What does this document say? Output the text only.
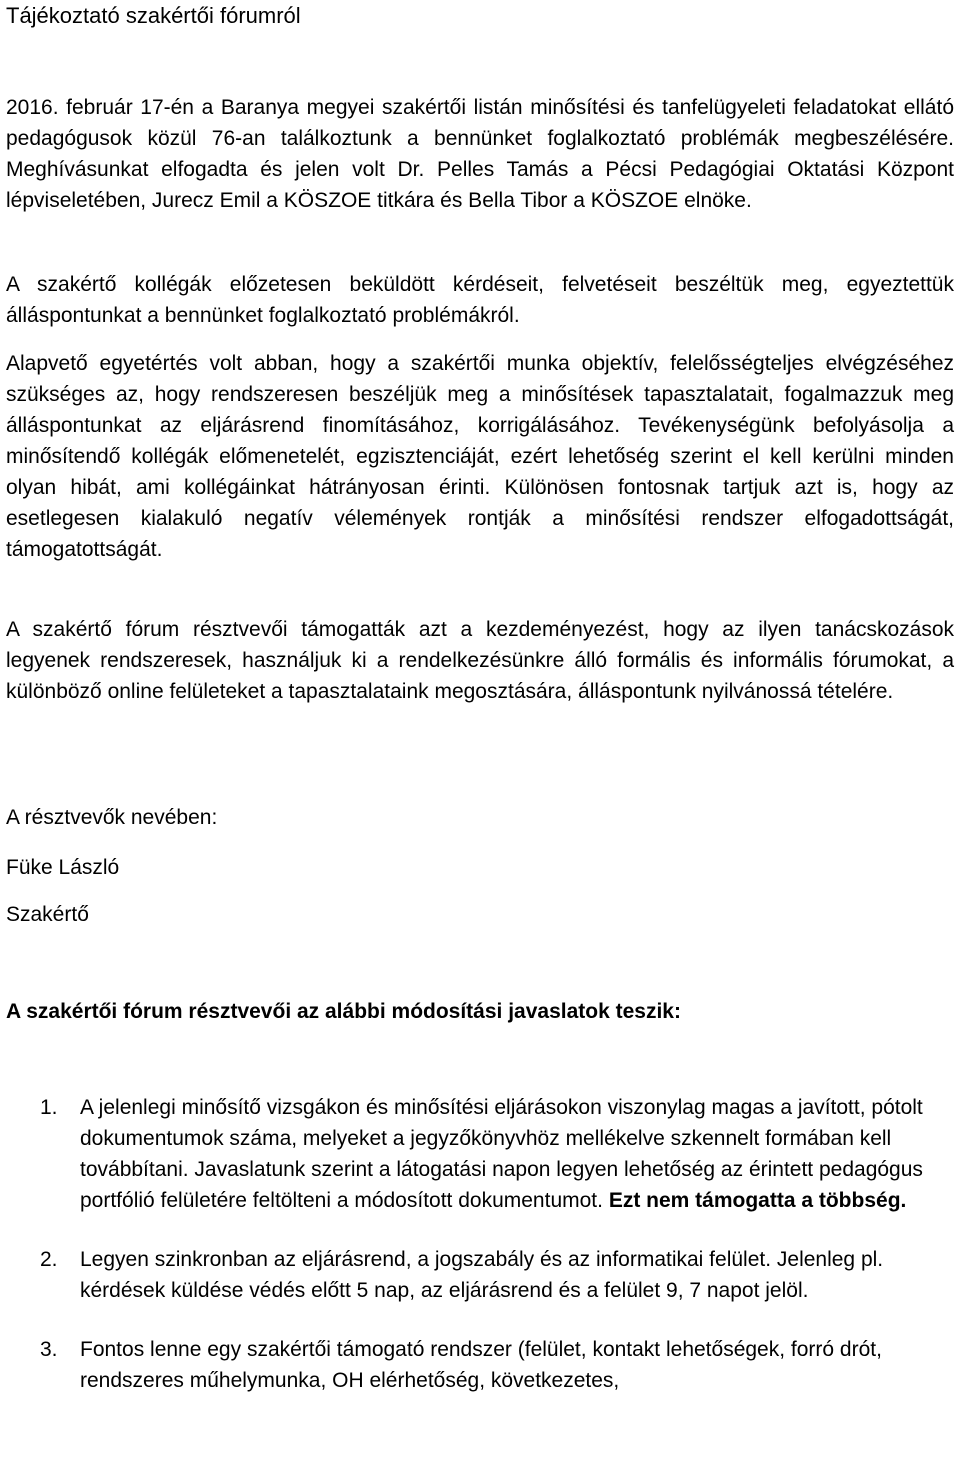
Tájékoztató szakértői fórumról

2016. február 17-én a Baranya megyei szakértői listán minősítési és tanfelügyeleti feladatokat ellátó pedagógusok közül 76-an találkoztunk a bennünket foglalkoztató problémák megbeszélésére. Meghívásunkat elfogadta és jelen volt Dr. Pelles Tamás a Pécsi Pedagógiai Oktatási Központ lépviseletében, Jurecz Emil a KÖSZOE titkára és Bella Tibor a KÖSZOE elnöke.

A szakértő kollégák előzetesen beküldött kérdéseit, felvetéseit beszéltük meg, egyeztettük álláspontunkat a bennünket foglalkoztató problémákról.

Alapvető egyetértés volt abban, hogy a szakértői munka objektív, felelősségteljes elvégzéséhez szükséges az, hogy rendszeresen beszéljük meg a minősítések tapasztalatait, fogalmazzuk meg álláspontunkat az eljárásrend finomításához, korrigálásához. Tevékenységünk befolyásolja a minősítendő kollégák előmenetelét, egzisztenciáját, ezért lehetőség szerint el kell kerülni minden olyan hibát, ami kollégáinkat hátrányosan érinti. Különösen fontosnak tartjuk azt is, hogy az esetlegesen kialakuló negatív vélemények rontják a minősítési rendszer elfogadottságát, támogatottságát.

A szakértő fórum résztvevői támogatták azt a kezdeményezést, hogy az ilyen tanácskozások legyenek rendszeresek, használjuk ki a rendelkezésünkre álló formális és informális fórumokat, a különböző online felületeket a tapasztalataink megosztására, álláspontunk nyilvánossá tételére.

A résztvevők nevében:

Füke László

Szakértő

A szakértői fórum résztvevői az alábbi módosítási javaslatok teszik:

1. A jelenlegi minősítő vizsgákon és minősítési eljárásokon viszonylag magas a javított, pótolt dokumentumok száma, melyeket a jegyzőkönyvhöz mellékelve szkennelt formában kell továbbítani. Javaslatunk szerint a látogatási napon legyen lehetőség az érintett pedagógus portfólió felületére feltölteni a módosított dokumentumot. Ezt nem támogatta a többség.
2. Legyen szinkronban az eljárásrend, a jogszabály és az informatikai felület. Jelenleg pl. kérdések küldése védés előtt 5 nap, az eljárásrend és a felület 9, 7 napot jelöl.
3. Fontos lenne egy szakértői támogató rendszer (felület, kontakt lehetőségek, forró drót, rendszeres műhelymunka, OH elérhetőség, következetes,
